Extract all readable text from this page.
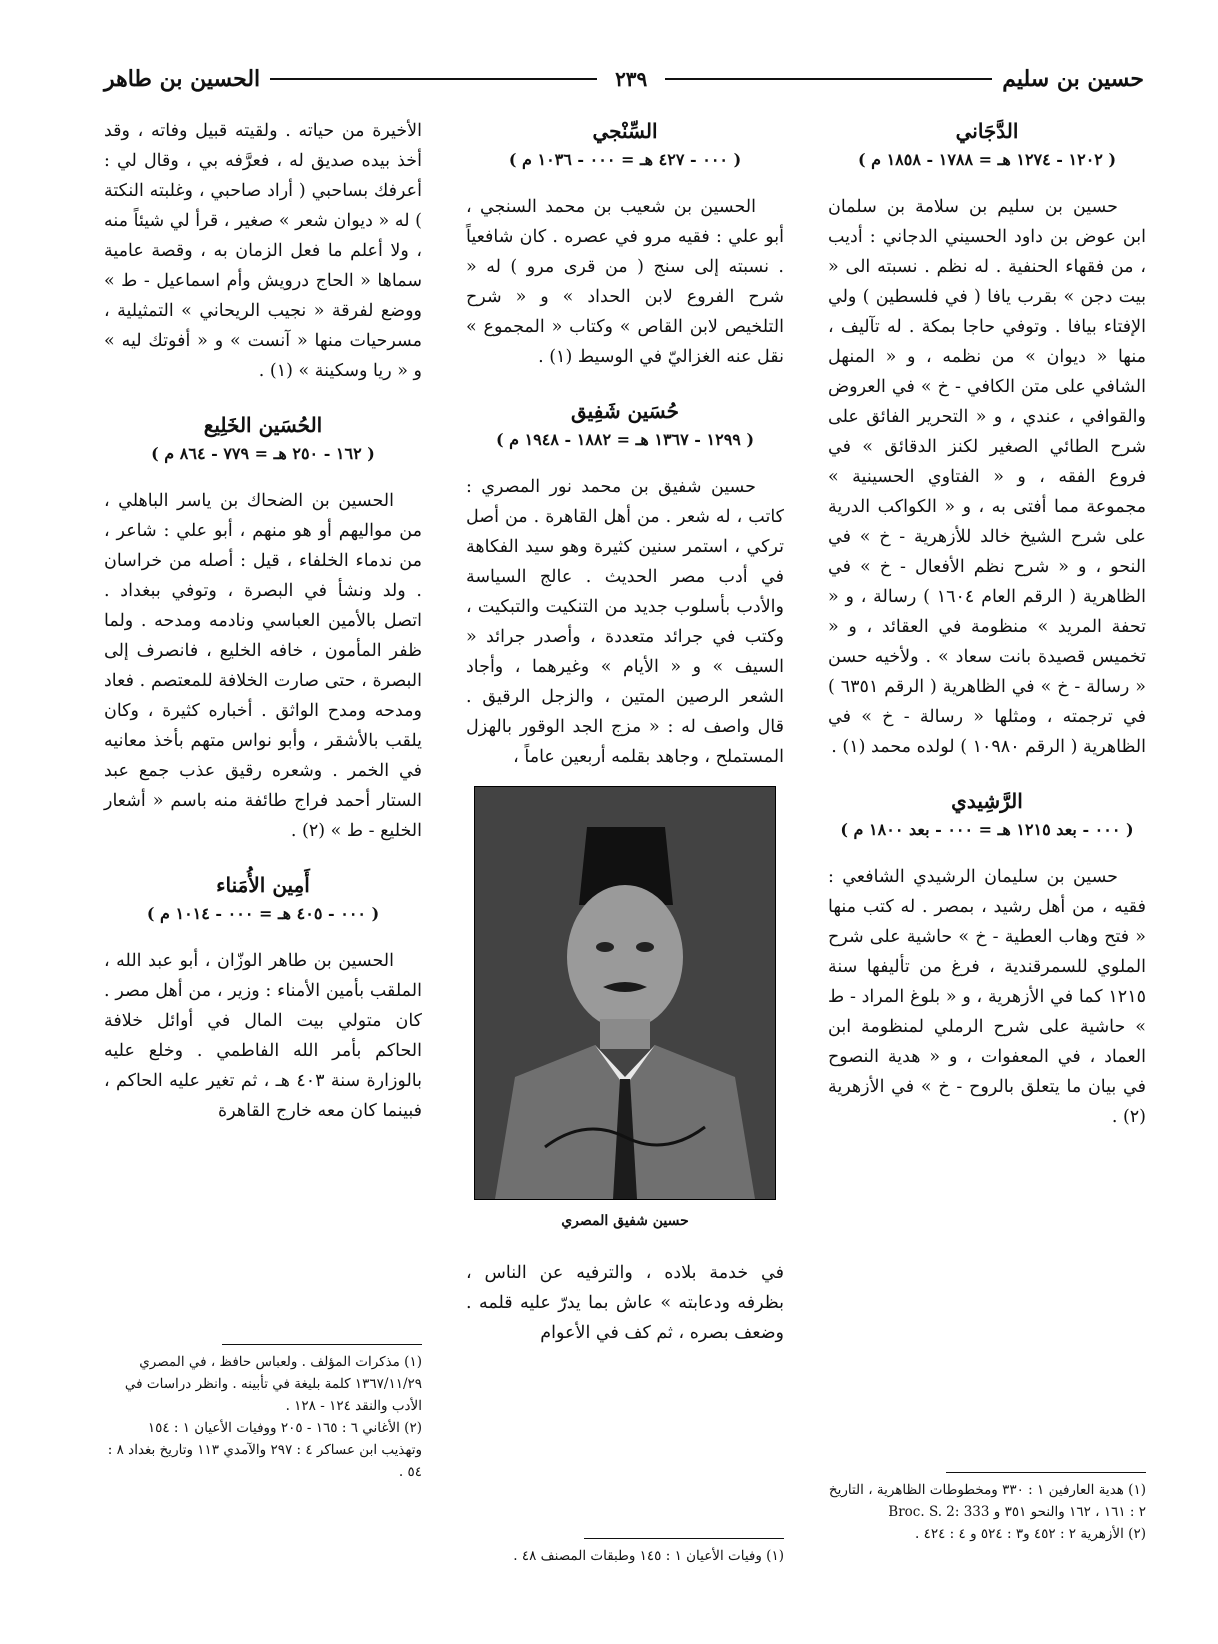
حسين بن سليم
٢٣٩
الحسين بن طاهر
الدَّجَاني

( ١٢٠٢ - ١٢٧٤ هـ = ١٧٨٨ - ١٨٥٨ م )

حسين بن سليم بن سلامة بن سلمان ابن عوض بن داود الحسيني الدجاني : أديب ، من فقهاء الحنفية . له نظم . نسبته الى « بيت دجن » بقرب يافا ( في فلسطين ) ولي الإفتاء بيافا . وتوفي حاجا بمكة . له تآليف ، منها « ديوان » من نظمه ، و « المنهل الشافي على متن الكافي - خ » في العروض والقوافي ، عندي ، و « التحرير الفائق على شرح الطائي الصغير لكنز الدقائق » في فروع الفقه ، و « الفتاوي الحسينية » مجموعة مما أفتى به ، و « الكواكب الدرية على شرح الشيخ خالد للأزهرية - خ » في النحو ، و « شرح نظم الأفعال - خ » في الظاهرية ( الرقم العام ١٦٠٤ ) رسالة ، و « تحفة المريد » منظومة في العقائد ، و « تخميس قصيدة بانت سعاد » . ولأخيه حسن « رسالة - خ » في الظاهرية ( الرقم ٦٣٥١ ) في ترجمته ، ومثلها « رسالة - خ » في الظاهرية ( الرقم ١٠٩٨٠ ) لولده محمد (١) .

الرَّشِيدي

( ٠٠٠ - بعد ١٢١٥ هـ = ٠٠٠ - بعد ١٨٠٠ م )

حسين بن سليمان الرشيدي الشافعي : فقيه ، من أهل رشيد ، بمصر . له كتب منها « فتح وهاب العطية - خ » حاشية على شرح الملوي للسمرقندية ، فرغ من تأليفها سنة ١٢١٥ كما في الأزهرية ، و « بلوغ المراد - ط » حاشية على شرح الرملي لمنظومة ابن العماد ، في المعفوات ، و « هدية النصوح في بيان ما يتعلق بالروح - خ » في الأزهرية (٢) .

السِّنْجي

( ٠٠٠ - ٤٢٧ هـ = ٠٠٠ - ١٠٣٦ م )

الحسين بن شعيب بن محمد السنجي ، أبو علي : فقيه مرو في عصره . كان شافعياً . نسبته إلى سنج ( من قرى مرو ) له « شرح الفروع لابن الحداد » و « شرح التلخيص لابن القاص » وكتاب « المجموع » نقل عنه الغزاليّ في الوسيط (١) .

حُسَين شَفِيق

( ١٢٩٩ - ١٣٦٧ هـ = ١٨٨٢ - ١٩٤٨ م )

حسين شفيق بن محمد نور المصري : كاتب ، له شعر . من أهل القاهرة . من أصل تركي ، استمر سنين كثيرة وهو سيد الفكاهة في أدب مصر الحديث . عالج السياسة والأدب بأسلوب جديد من التنكيت والتبكيت ، وكتب في جرائد متعددة ، وأصدر جرائد « السيف » و « الأيام » وغيرهما ، وأجاد الشعر الرصين المتين ، والزجل الرقيق . قال واصف له : « مزج الجد الوقور بالهزل المستملح ، وجاهد بقلمه أربعين عاماً ،

حسين شفيق المصري

في خدمة بلاده ، والترفيه عن الناس ، بظرفه ودعابته » عاش بما يدرّ عليه قلمه . وضعف بصره ، ثم كف في الأعوام

الأخيرة من حياته . ولقيته قبيل وفاته ، وقد أخذ بيده صديق له ، فعرَّفه بي ، وقال لي : أعرفك بساحبي ( أراد صاحبي ، وغلبته النكتة ) له « ديوان شعر » صغير ، قرأ لي شيئاً منه ، ولا أعلم ما فعل الزمان به ، وقصة عامية سماها « الحاج درويش وأم اسماعيل - ط » ووضع لفرقة « نجيب الريحاني » التمثيلية ، مسرحيات منها « آنست » و « أفوتك ليه » و « ريا وسكينة » (١) .

الحُسَين الخَلِيع

( ١٦٢ - ٢٥٠ هـ = ٧٧٩ - ٨٦٤ م )

الحسين بن الضحاك بن ياسر الباهلي ، من مواليهم أو هو منهم ، أبو علي : شاعر ، من ندماء الخلفاء ، قيل : أصله من خراسان . ولد ونشأ في البصرة ، وتوفي ببغداد . اتصل بالأمين العباسي ونادمه ومدحه . ولما ظفر المأمون ، خافه الخليع ، فانصرف إلى البصرة ، حتى صارت الخلافة للمعتصم . فعاد ومدحه ومدح الواثق . أخباره كثيرة ، وكان يلقب بالأشقر ، وأبو نواس متهم بأخذ معانيه في الخمر . وشعره رقيق عذب جمع عبد الستار أحمد فراج طائفة منه باسم « أشعار الخليع - ط » (٢) .

أَمِين الأُمَناء

( ٠٠٠ - ٤٠٥ هـ = ٠٠٠ - ١٠١٤ م )

الحسين بن طاهر الوزّان ، أبو عبد الله ، الملقب بأمين الأمناء : وزير ، من أهل مصر . كان متولي بيت المال في أوائل خلافة الحاكم بأمر الله الفاطمي . وخلع عليه بالوزارة سنة ٤٠٣ هـ ، ثم تغير عليه الحاكم ، فبينما كان معه خارج القاهرة

(١) هدية العارفين ١ : ٣٣٠ ومخطوطات الظاهرية ، التاريخ ٢ : ١٦١ ، ١٦٢ والنحو ٣٥١ و Broc. S. 2: 333

(٢) الأزهرية ٢ : ٤٥٢ و٣ : ٥٢٤ و ٤ : ٤٢٤ .

(١) وفيات الأعيان ١ : ١٤٥ وطبقات المصنف ٤٨ .

(١) مذكرات المؤلف . ولعباس حافظ ، في المصري ١٣٦٧/١١/٢٩ كلمة بليغة في تأبينه . وانظر دراسات في الأدب والنقد ١٢٤ - ١٢٨ .

(٢) الأغاني ٦ : ١٦٥ - ٢٠٥ ووفيات الأعيان ١ : ١٥٤ وتهذيب ابن عساكر ٤ : ٢٩٧ والآمدي ١١٣ وتاريخ بغداد ٨ : ٥٤ .
